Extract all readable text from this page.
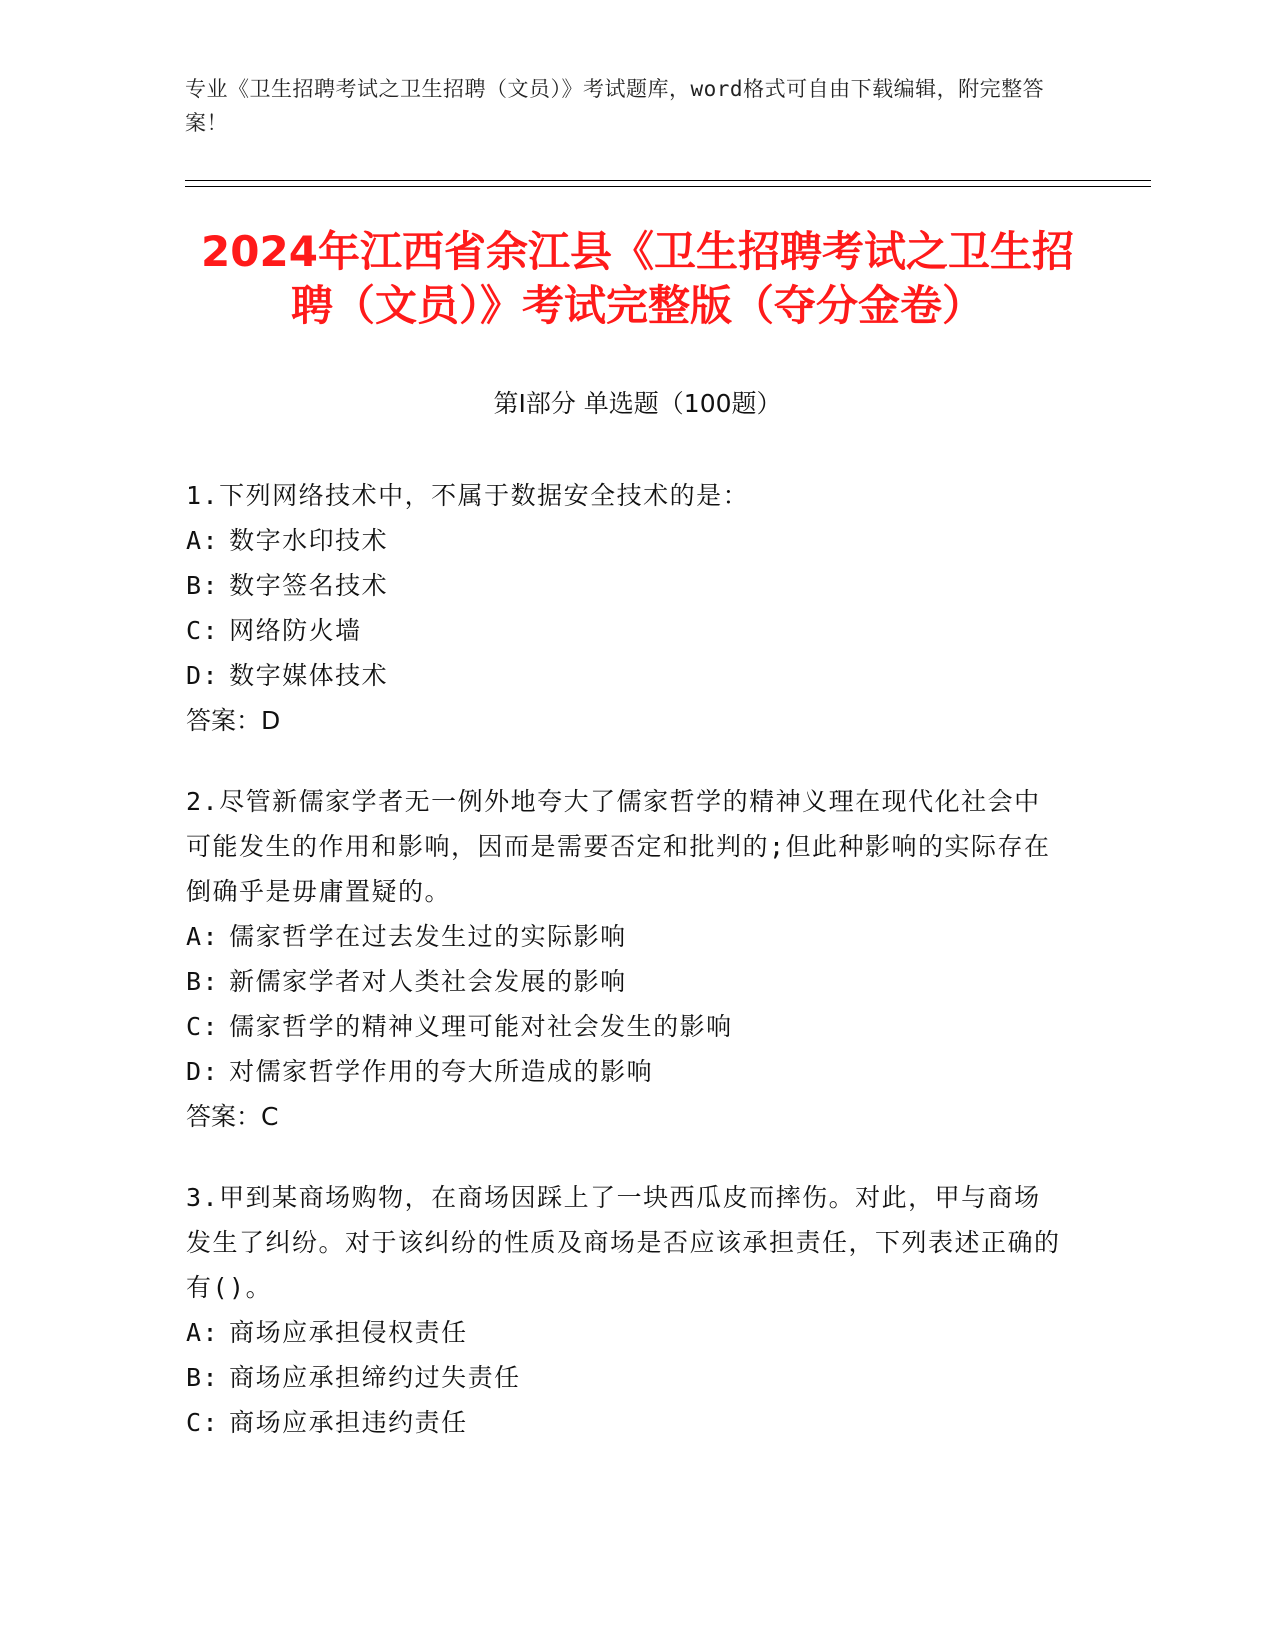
专业《卫生招聘考试之卫生招聘（文员）》考试题库，word格式可自由下载编辑，附完整答案！
2024年江西省余江县《卫生招聘考试之卫生招聘（文员）》考试完整版（夺分金卷）
第I部分 单选题（100题）

1.下列网络技术中，不属于数据安全技术的是：

A: 数字水印技术
B: 数字签名技术
C: 网络防火墙
D: 数字媒体技术
答案：D

2.尽管新儒家学者无一例外地夸大了儒家哲学的精神义理在现代化社会中可能发生的作用和影响，因而是需要否定和批判的;但此种影响的实际存在倒确乎是毋庸置疑的。

A: 儒家哲学在过去发生过的实际影响
B: 新儒家学者对人类社会发展的影响
C: 儒家哲学的精神义理可能对社会发生的影响
D: 对儒家哲学作用的夸大所造成的影响
答案：C

3.甲到某商场购物，在商场因踩上了一块西瓜皮而摔伤。对此，甲与商场发生了纠纷。对于该纠纷的性质及商场是否应该承担责任，下列表述正确的有()。

A: 商场应承担侵权责任
B: 商场应承担缔约过失责任
C: 商场应承担违约责任
